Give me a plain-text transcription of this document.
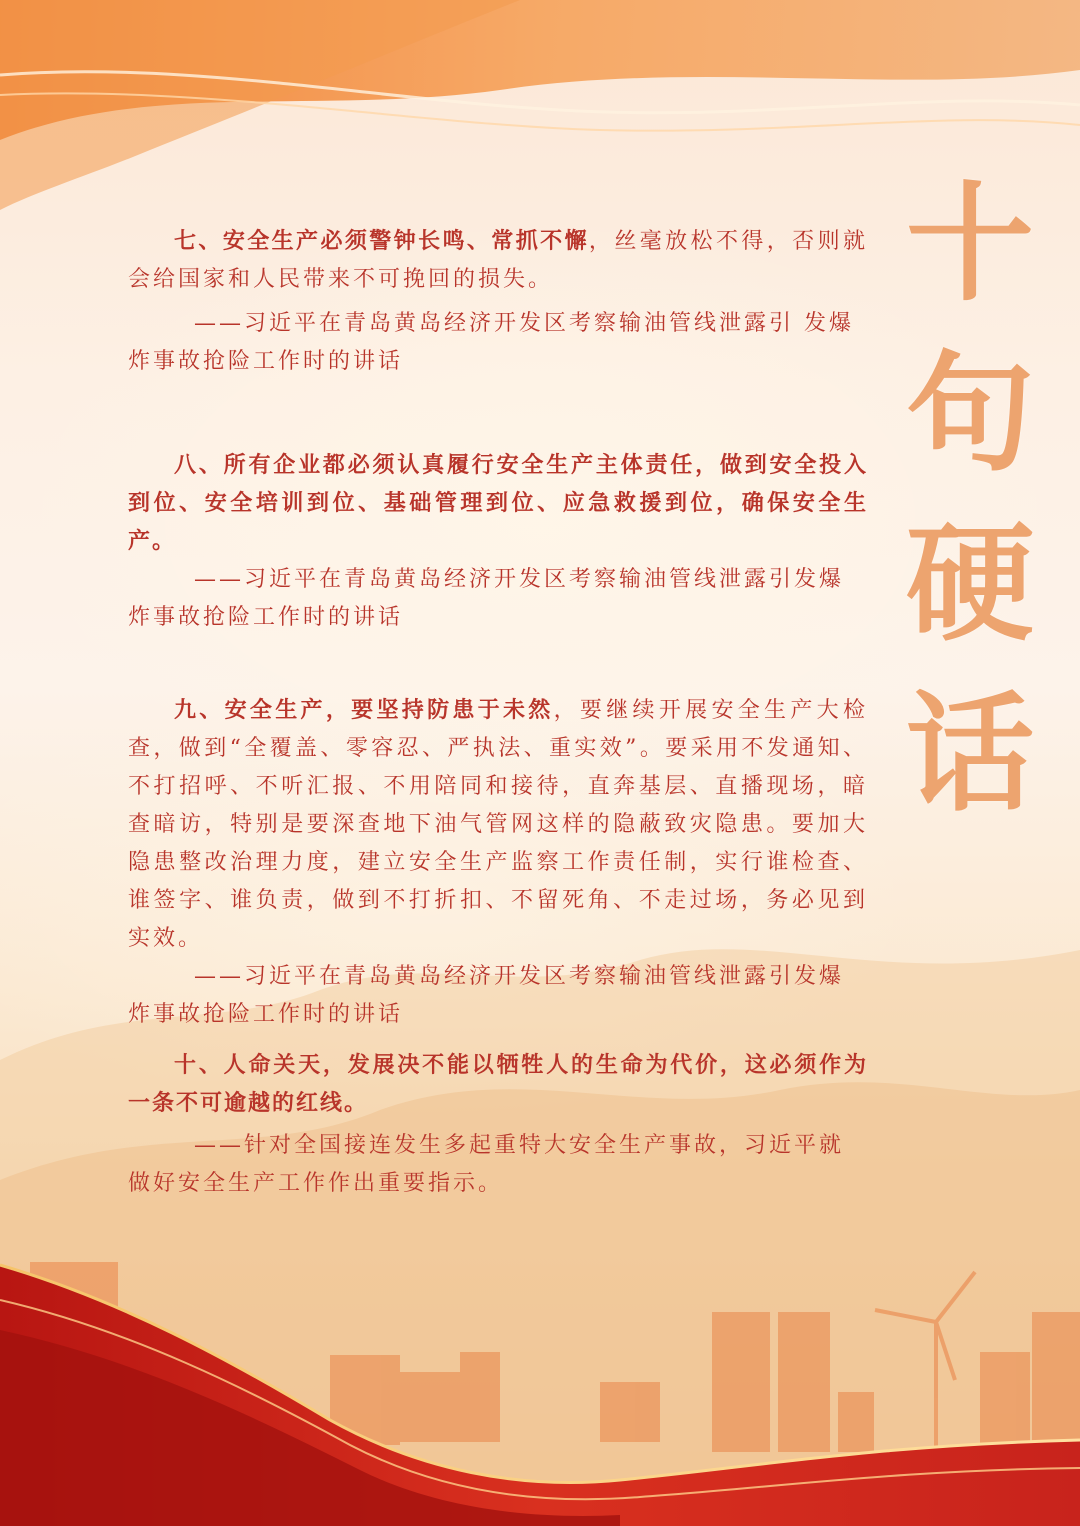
十
句
硬
话

七、安全生产必须警钟长鸣、常抓不懈，丝毫放松不得，否则就会给国家和人民带来不可挽回的损失。

——习近平在青岛黄岛经济开发区考察输油管线泄露引 发爆炸事故抢险工作时的讲话

八、所有企业都必须认真履行安全生产主体责任，做到安全投入到位、安全培训到位、基础管理到位、应急救援到位，确保安全生产。

——习近平在青岛黄岛经济开发区考察输油管线泄露引发爆炸事故抢险工作时的讲话

九、安全生产，要坚持防患于未然，要继续开展安全生产大检查，做到“全覆盖、零容忍、严执法、重实效”。要采用不发通知、不打招呼、不听汇报、不用陪同和接待，直奔基层、直播现场，暗查暗访，特别是要深查地下油气管网这样的隐蔽致灾隐患。要加大隐患整改治理力度，建立安全生产监察工作责任制，实行谁检查、谁签字、谁负责，做到不打折扣、不留死角、不走过场，务必见到实效。

——习近平在青岛黄岛经济开发区考察输油管线泄露引发爆炸事故抢险工作时的讲话

十、人命关天，发展决不能以牺牲人的生命为代价，这必须作为一条不可逾越的红线。

——针对全国接连发生多起重特大安全生产事故，习近平就做好安全生产工作作出重要指示。
